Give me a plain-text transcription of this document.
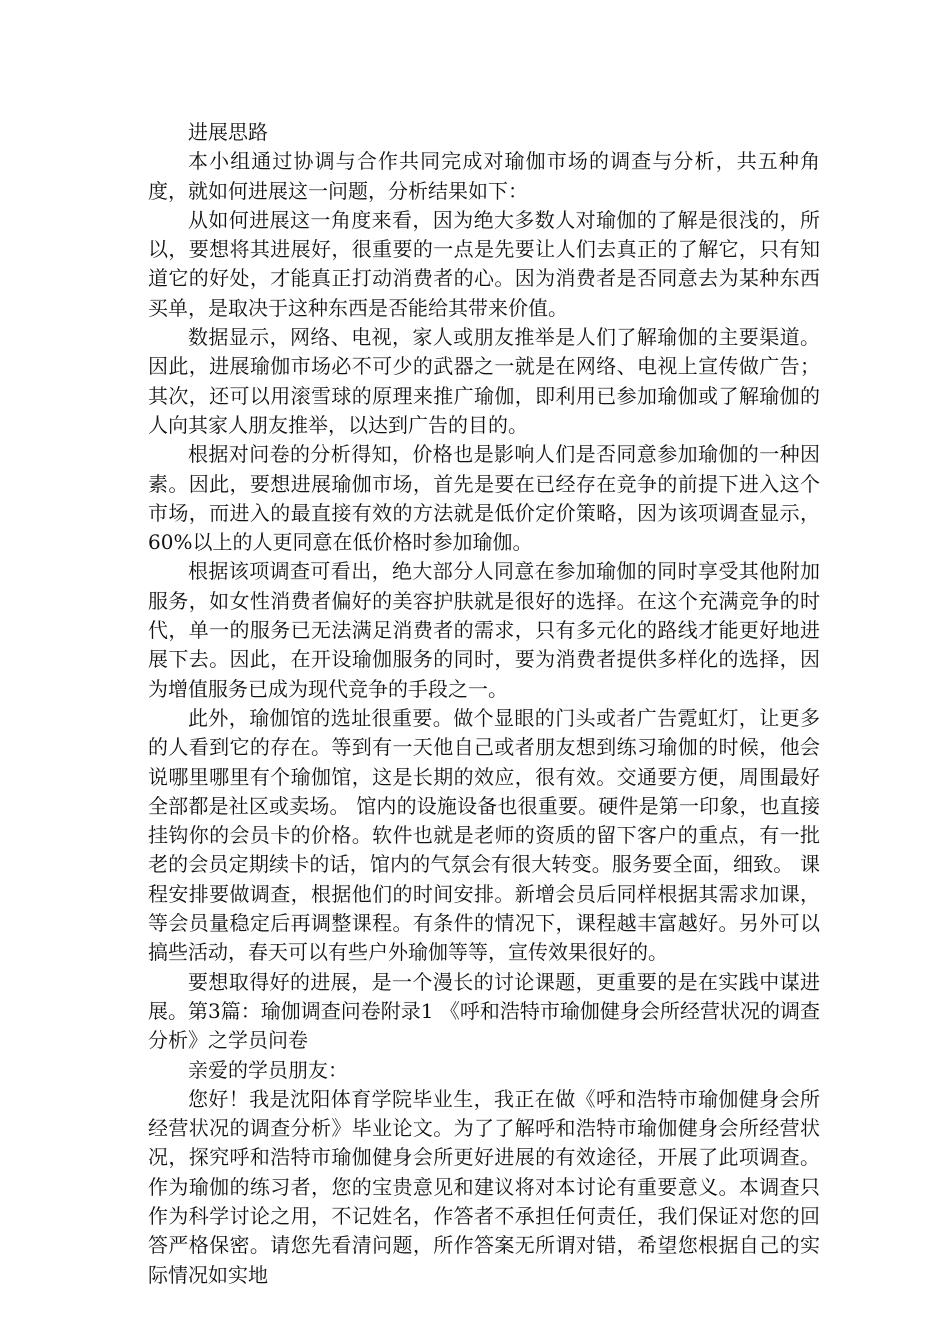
进展思路

本小组通过协调与合作共同完成对瑜伽市场的调查与分析，共五种角度，就如何进展这一问题，分析结果如下：

从如何进展这一角度来看，因为绝大多数人对瑜伽的了解是很浅的，所以，要想将其进展好，很重要的一点是先要让人们去真正的了解它，只有知道它的好处，才能真正打动消费者的心。因为消费者是否同意去为某种东西买单，是取决于这种东西是否能给其带来价值。

数据显示，网络、电视，家人或朋友推举是人们了解瑜伽的主要渠道。因此，进展瑜伽市场必不可少的武器之一就是在网络、电视上宣传做广告；其次，还可以用滚雪球的原理来推广瑜伽，即利用已参加瑜伽或了解瑜伽的人向其家人朋友推举，以达到广告的目的。

根据对问卷的分析得知，价格也是影响人们是否同意参加瑜伽的一种因素。因此，要想进展瑜伽市场，首先是要在已经存在竞争的前提下进入这个市场，而进入的最直接有效的方法就是低价定价策略，因为该项调查显示，60%以上的人更同意在低价格时参加瑜伽。

根据该项调查可看出，绝大部分人同意在参加瑜伽的同时享受其他附加服务，如女性消费者偏好的美容护肤就是很好的选择。在这个充满竞争的时代，单一的服务已无法满足消费者的需求，只有多元化的路线才能更好地进展下去。因此，在开设瑜伽服务的同时，要为消费者提供多样化的选择，因为增值服务已成为现代竞争的手段之一。

此外，瑜伽馆的选址很重要。做个显眼的门头或者广告霓虹灯，让更多的人看到它的存在。等到有一天他自己或者朋友想到练习瑜伽的时候，他会说哪里哪里有个瑜伽馆，这是长期的效应，很有效。交通要方便，周围最好全部都是社区或卖场。 馆内的设施设备也很重要。硬件是第一印象，也直接挂钩你的会员卡的价格。软件也就是老师的资质的留下客户的重点，有一批老的会员定期续卡的话，馆内的气氛会有很大转变。服务要全面，细致。 课程安排要做调查，根据他们的时间安排。新增会员后同样根据其需求加课，等会员量稳定后再调整课程。有条件的情况下，课程越丰富越好。另外可以搞些活动，春天可以有些户外瑜伽等等，宣传效果很好的。

要想取得好的进展，是一个漫长的讨论课题，更重要的是在实践中谋进展。第3篇：瑜伽调查问卷附录1 《呼和浩特市瑜伽健身会所经营状况的调查分析》之学员问卷

亲爱的学员朋友：

您好！我是沈阳体育学院毕业生，我正在做《呼和浩特市瑜伽健身会所经营状况的调查分析》毕业论文。为了了解呼和浩特市瑜伽健身会所经营状况，探究呼和浩特市瑜伽健身会所更好进展的有效途径，开展了此项调查。作为瑜伽的练习者，您的宝贵意见和建议将对本讨论有重要意义。本调查只作为科学讨论之用，不记姓名，作答者不承担任何责任，我们保证对您的回答严格保密。请您先看清问题，所作答案无所谓对错，希望您根据自己的实际情况如实地
